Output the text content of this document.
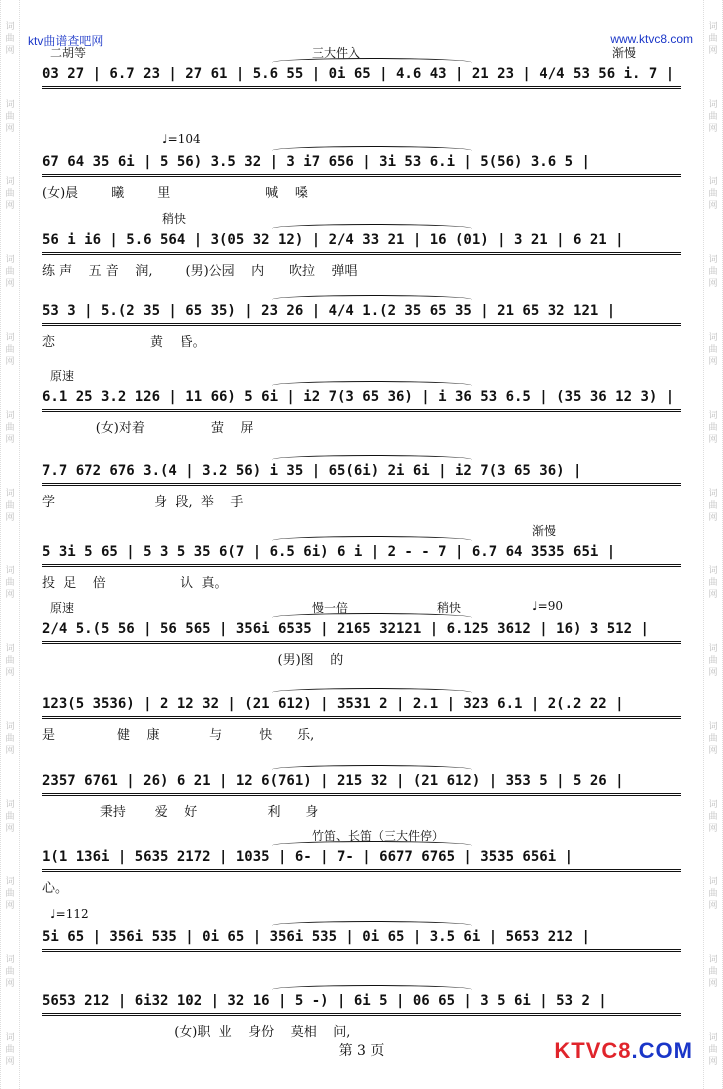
词
曲
网
词
曲
网
词
曲
网
词
曲
网
词
曲
网
词
曲
网
词
曲
网
词
曲
网
词
曲
网
词
曲
网
词
曲
网
词
曲
网
词
曲
网
词
曲
网
词
曲
网
词
曲
网
词
曲
网
词
曲
网
词
曲
网
词
曲
网
词
曲
网
词
曲
网
词
曲
网
词
曲
网
词
曲
网
词
曲
网
词
曲
网
词
曲
网
ktv曲谱查吧网	www.ktvc8.com
二胡等	三大件入	渐慢
03 27 | 6.7 23 | 27 61 | 5.6 55 | 0i 65 | 4.6 43 | 21 23 | 4/4 53 56 i. 7 |
♩=104
67 64 35 6i | 5 56) 3.5 32 | 3 i7 656 | 3i 53 6.i | 5(56) 3.6 5 |
(女)晨        曦        里                       喊    嗓
稍快
56 i i6 | 5.6 564 | 3(05 32 12) | 2/4 33 21 | 16 (01) | 3 21 | 6 21 |
练 声    五 音    润,        (男)公园    内      吹拉    弹唱
53 3 | 5.(2 35 | 65 35) | 23 26 | 4/4 1.(2 35 65 35 | 21 65 32 121 |
恋                       黄    昏。
原速
6.1 25 3.2 126 | 11 66) 5 6i | i2 7(3 65 36) | i 36 53 6.5 | (35 36 12 3) |
(女)对着                萤    屏
7.7 672 676 3.(4 | 3.2 56) i 35 | 65(6i) 2i 6i | i2 7(3 65 36) |
学                        身  段,  举    手
渐慢
5 3i 5 65 | 5 3 5 35 6(7 | 6.5 6i) 6 i | 2 - - 7 | 6.7 64 3535 65i |
投  足    倍                  认  真。
原速	慢一倍	稍快	♩=90
2/4 5.(5 56 | 56 565 | 356i 6535 | 2165 32121 | 6.125 3612 | 16) 3 512 |
(男)图    的
123(5 3536) | 2 12 32 | (21 612) | 3531 2 | 2.1 | 323 6.1 | 2(.2 22 |
是               健    康            与         快      乐,
2357 6761 | 26) 6 21 | 12 6(761) | 215 32 | (21 612) | 353 5 | 5 26 |
秉持       爱    好                 利      身
竹笛、长笛（三大件停）
1(1 136i | 5635 2172 | 1035 | 6- | 7- | 6677 6765 | 3535 656i |
心。
♩=112
5i 65 | 356i 535 | 0i 65 | 356i 535 | 0i 65 | 3.5 6i | 5653 212 |
5653 212 | 6i32 102 | 32 16 | 5 -) | 6i 5 | 06 65 | 3 5 6i | 53 2 |
(女)职  业    身份    莫相    问,
第 3 页	KTVC8.COM
